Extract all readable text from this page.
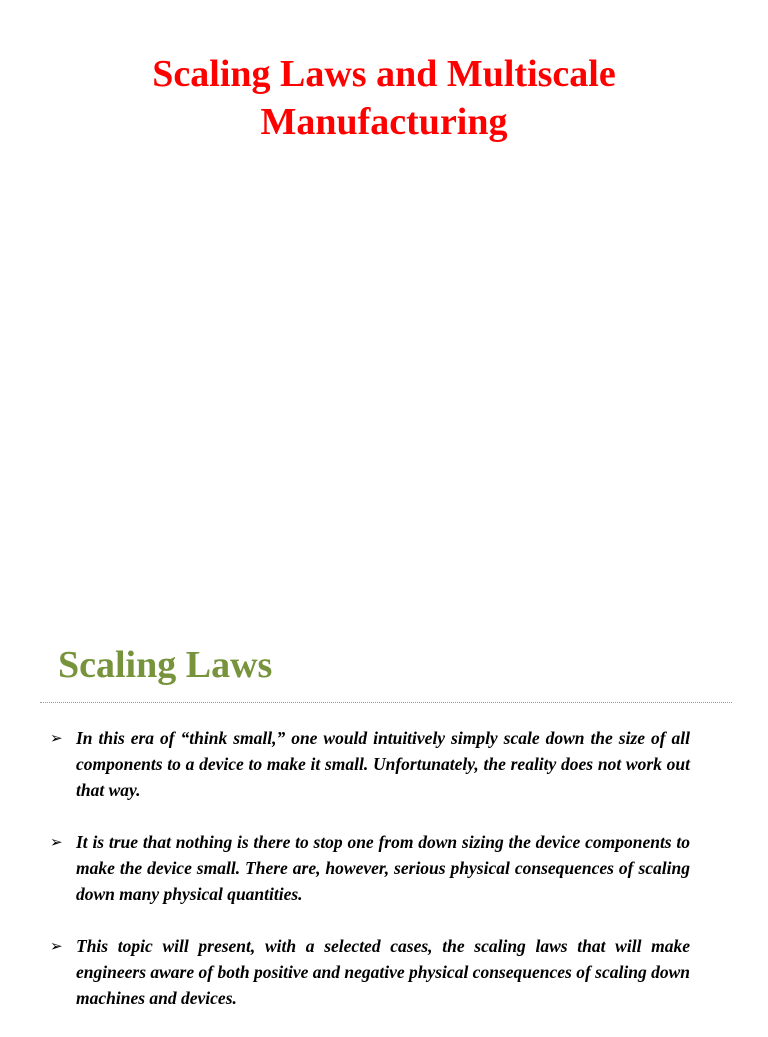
Scaling Laws and Multiscale
Manufacturing
Scaling Laws
➢ In this era of “think small,” one would intuitively simply scale down the size of all components to a device to make it small. Unfortunately, the reality does not work out that way.
➢ It is true that nothing is there to stop one from down sizing the device components to make the device small. There are, however, serious physical consequences of scaling down many physical quantities.
➢ This topic will present, with a selected cases, the scaling laws that will make engineers aware of both positive and negative physical consequences of scaling down machines and devices.
